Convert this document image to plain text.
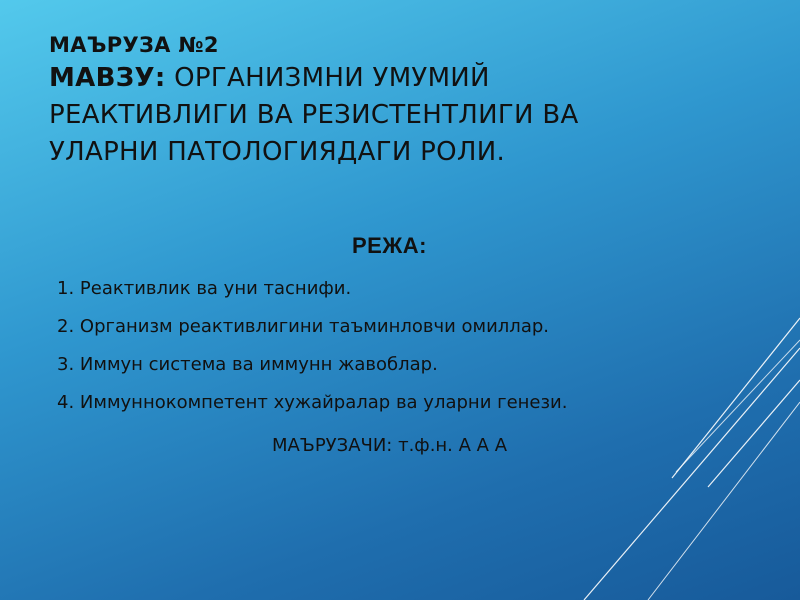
МАЪРУЗА №2
МАВЗУ: ОРГАНИЗМНИ УМУМИЙ
РЕАКТИВЛИГИ ВА РЕЗИСТЕНТЛИГИ ВА
УЛАРНИ ПАТОЛОГИЯДАГИ РОЛИ.
РЕЖА:
1. Реактивлик ва уни таснифи.
2. Организм реактивлигини таъминловчи омиллар.
3. Иммун система ва иммунн жавоблар.
4. Иммуннокомпетент хужайралар ва уларни генези.
МАЪРУЗАЧИ: т.ф.н. А А А
